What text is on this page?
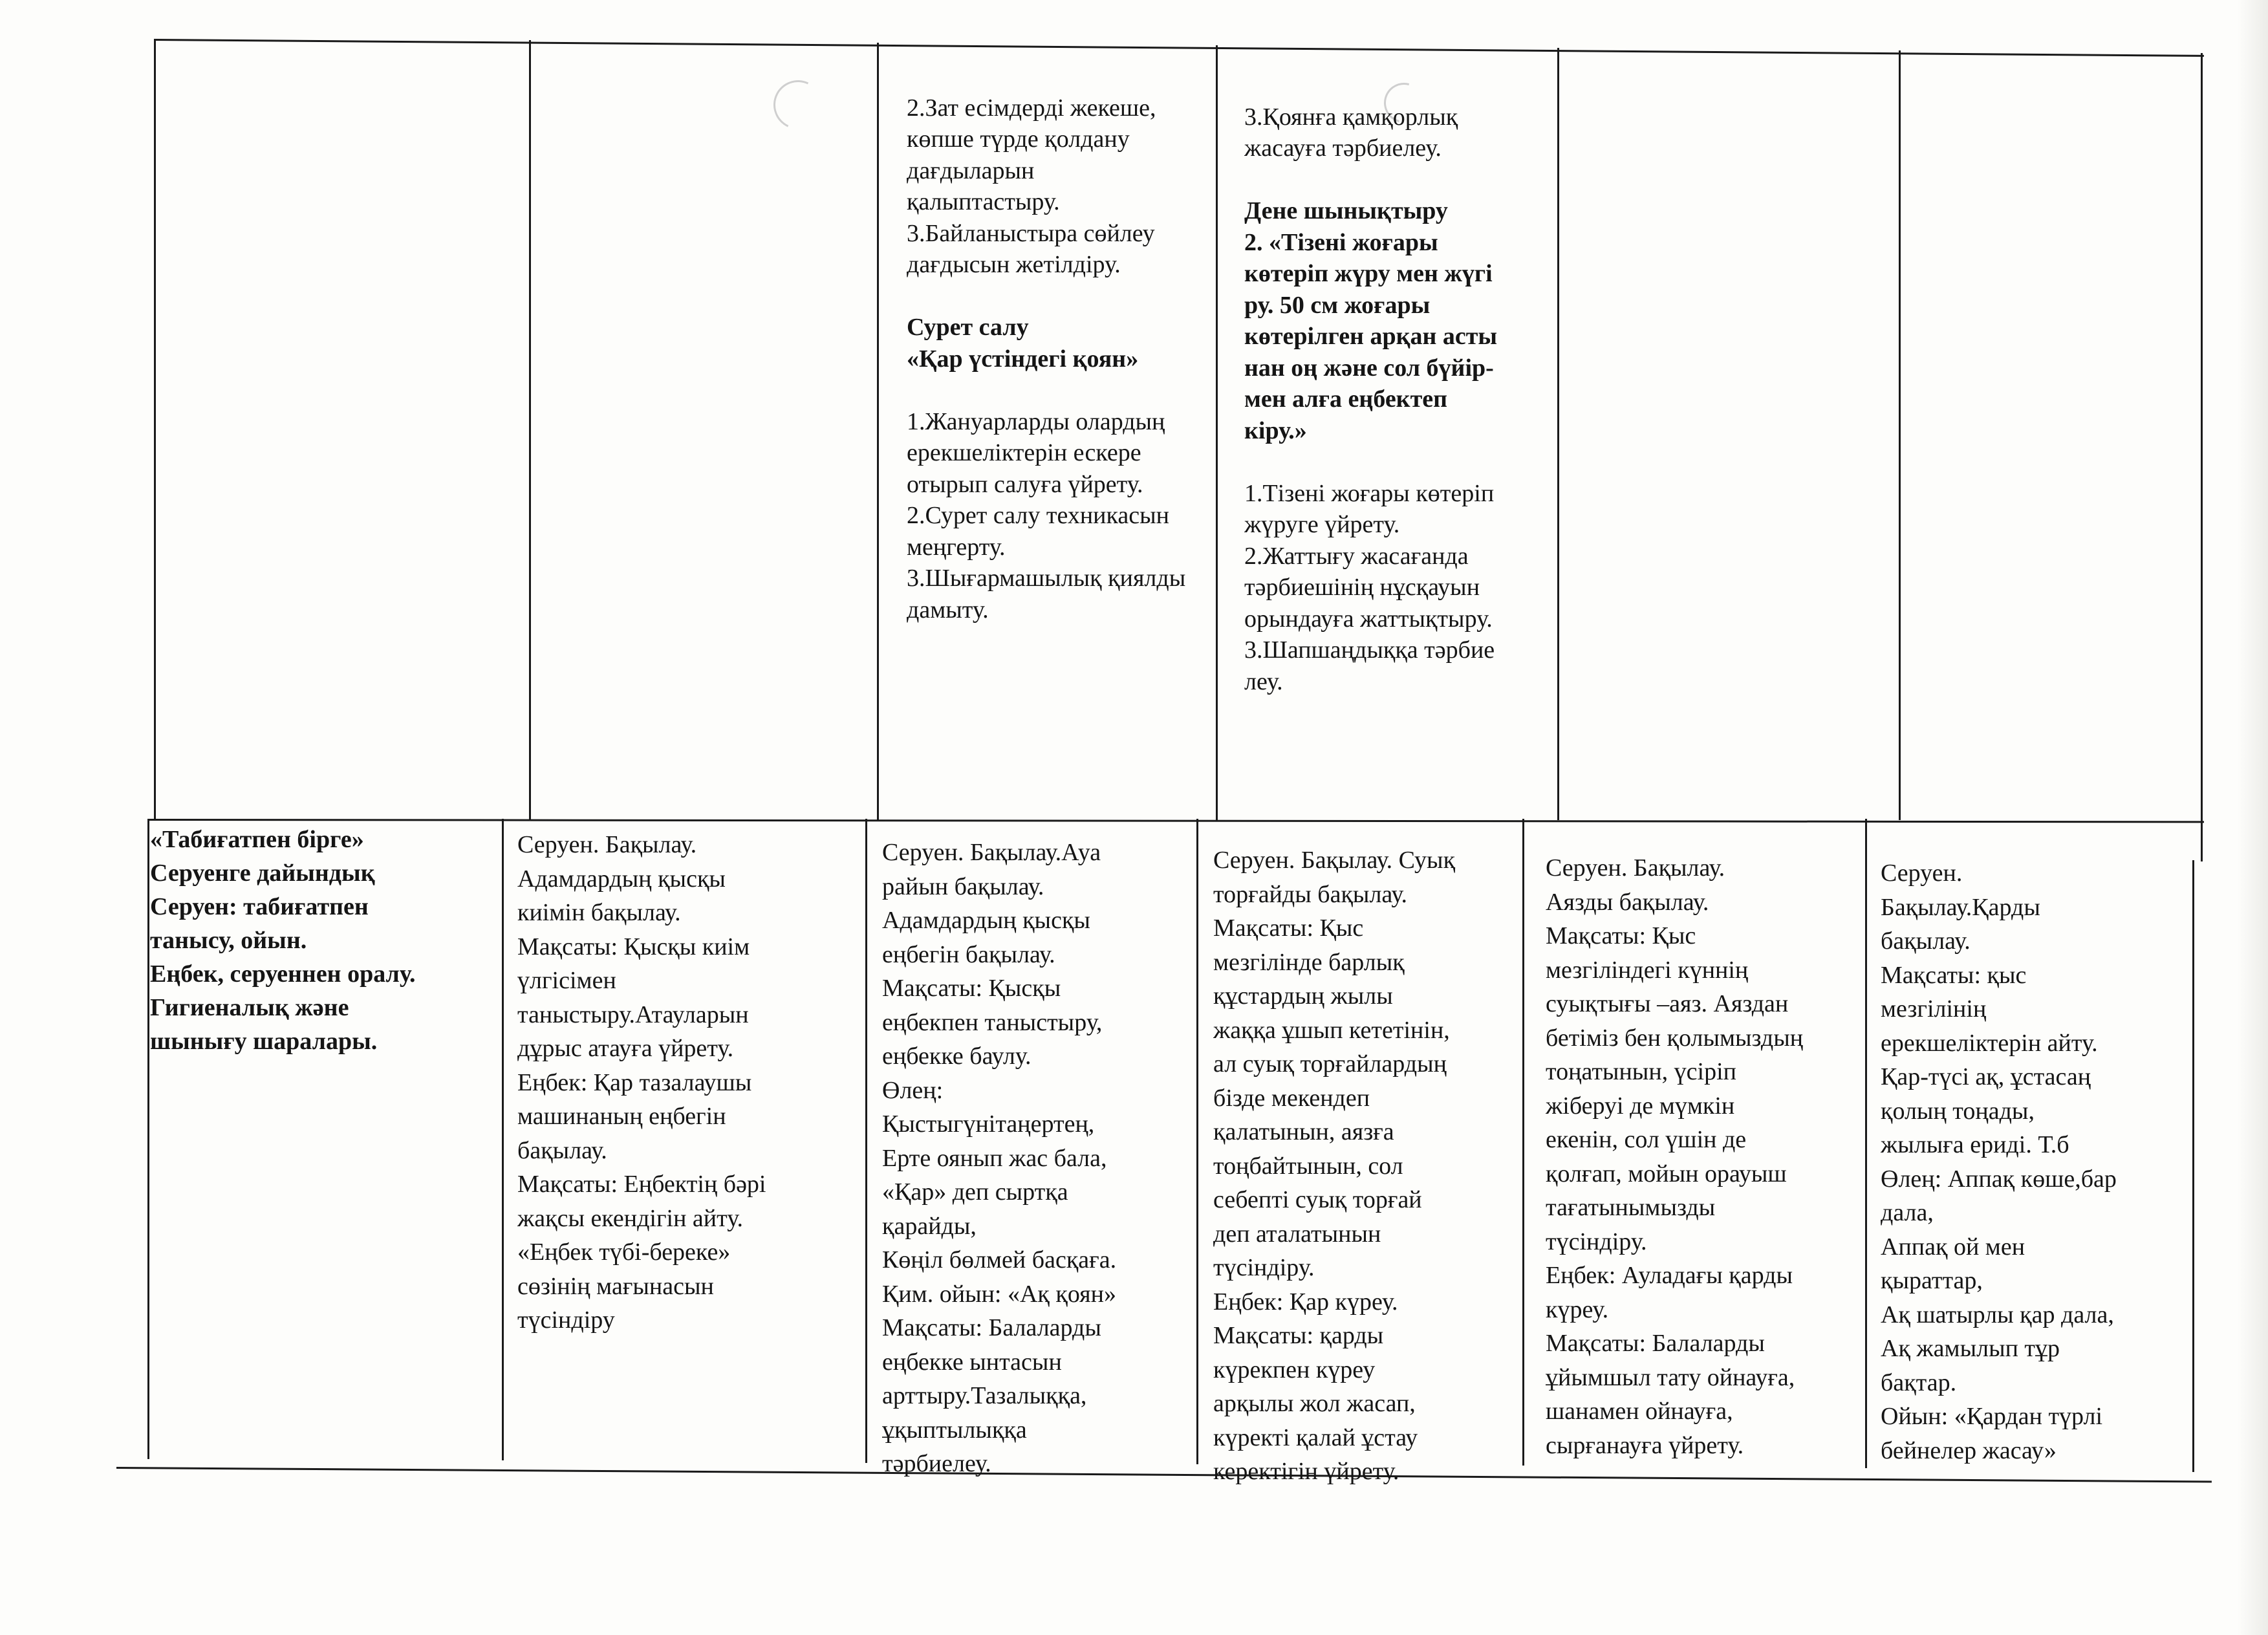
2.Зат есімдерді жекеше,
көпше түрде қолдану
дағдыларын
қалыптастыру.
3.Байланыстыра сөйлеу
дағдысын жетілдіру.

Сурет салу
«Қар үстіндегі қоян»

1.Жануарларды олардың
ерекшеліктерін ескере
отырып салуға үйрету.
2.Сурет салу техникасын
меңгерту.
3.Шығармашылық қиялды
дамыту.

3.Қоянға қамқорлық
жасауға тәрбиелеу.

Дене шынықтыру
2. «Тізені жоғары
көтеріп жүру мен жүгі
ру. 50 см жоғары
көтерілген арқан асты
нан оң және сол бүйір-
мен алға еңбектеп
кіру.»

1.Тізені жоғары көтеріп
жүруге үйрету.
2.Жаттығу жасағанда
тәрбиешінің нұсқауын
орындауға жаттықтыру.
3.Шапшаңдыққа тәрбие
леу.

«Табиғатпен бірге»
Серуенге дайындық
Серуен: табиғатпен
танысу, ойын.
Еңбек, серуеннен оралу.
Гигиеналық және
шынығу шаралары.
Серуен. Бақылау.
Адамдардың қысқы
киімін бақылау.
Мақсаты: Қысқы киім
үлгісімен
таныстыру.Атауларын
дұрыс атауға үйрету.
Еңбек: Қар тазалаушы
машинаның еңбегін
бақылау.
Мақсаты: Еңбектің бәрі
жақсы екендігін айту.
«Еңбек түбі-береке»
сөзінің мағынасын
түсіндіру
Серуен. Бақылау.Ауа
райын бақылау.
Адамдардың қысқы
еңбегін бақылау.
Мақсаты: Қысқы
еңбекпен таныстыру,
еңбекке баулу.
Өлең:
Қыстыгүнітаңертең,
Ерте оянып жас бала,
«Қар» деп сыртқа
қарайды,
Көңіл бөлмей басқаға.
Қим. ойын: «Ақ қоян»
Мақсаты: Балаларды
еңбекке ынтасын
арттыру.Тазалыққа,
ұқыптылыққа
тәрбиелеу.
Серуен. Бақылау. Суық
торғайды бақылау.
Мақсаты: Қыс
мезгілінде барлық
құстардың жылы
жаққа ұшып кететінін,
ал суық торғайлардың
бізде мекендеп
қалатынын, аязға
тоңбайтынын, сол
себепті суық торғай
деп аталатынын
түсіндіру.
Еңбек: Қар күреу.
Мақсаты: қарды
күрекпен күреу
арқылы жол жасап,
күректі қалай ұстау
керектігін үйрету.
Серуен. Бақылау.
Аязды бақылау.
Мақсаты: Қыс
мезгіліндегі күннің
суықтығы –аяз. Аяздан
бетіміз бен қолымыздың
тоңатынын, үсіріп
жіберуі де мүмкін
екенін, сол үшін де
қолғап, мойын орауыш
тағатынымызды
түсіндіру.
Еңбек: Ауладағы қарды
күреу.
Мақсаты: Балаларды
ұйымшыл тату ойнауға,
шанамен ойнауға,
сырғанауға үйрету.
Серуен.
Бақылау.Қарды
бақылау.
Мақсаты: қыс
мезгілінің
ерекшеліктерін айту.
Қар-түсі ақ, ұстасаң
қолың тоңады,
жылыға ериді. Т.б
Өлең: Аппақ көше,бар
дала,
Аппақ ой мен
қыраттар,
Ақ шатырлы қар дала,
Ақ жамылып тұр
бақтар.
Ойын: «Қардан түрлі
бейнелер жасау»
